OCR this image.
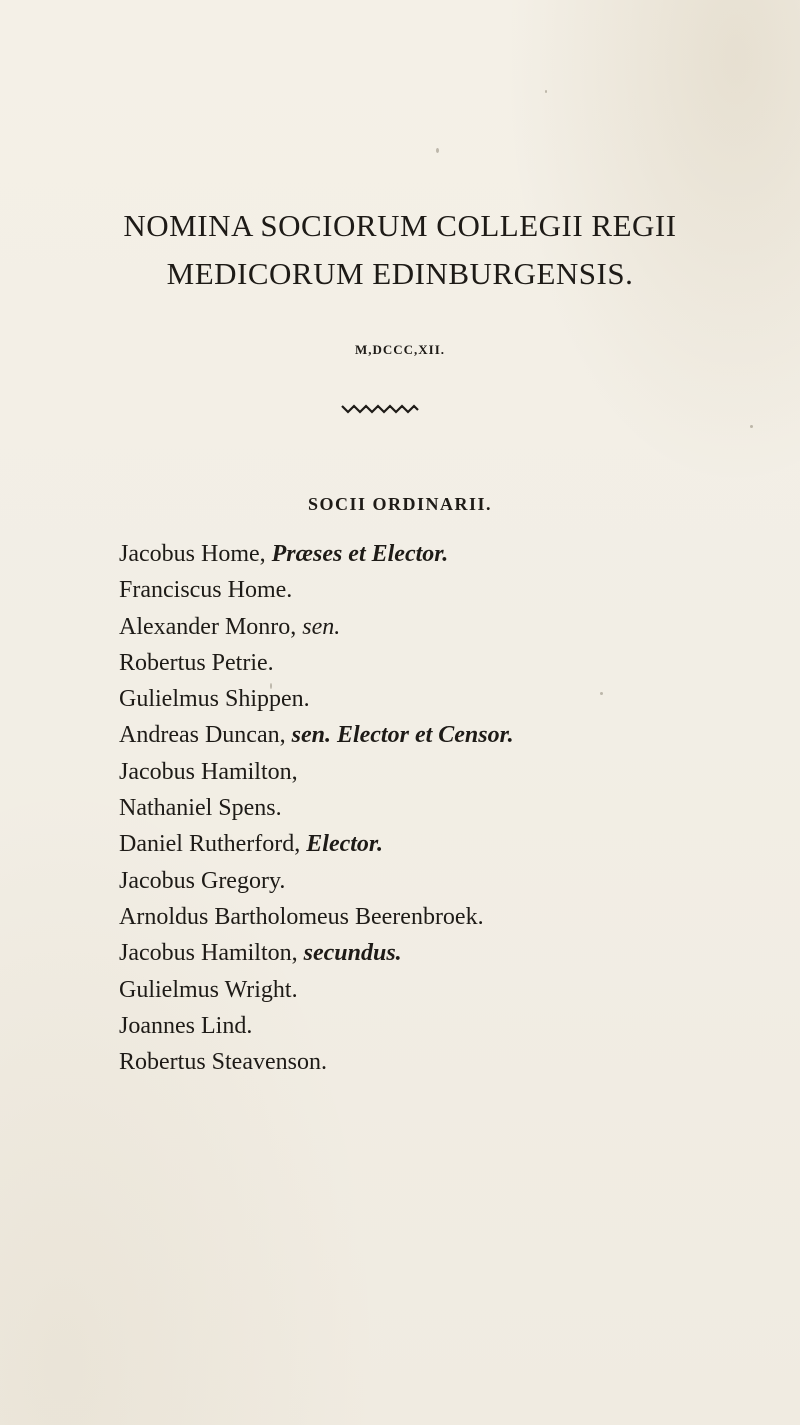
NOMINA SOCIORUM COLLEGII REGII
MEDICORUM EDINBURGENSIS.
M,DCCC,XII.
SOCII ORDINARII.
Jacobus Home, Præses et Elector.
Franciscus Home.
Alexander Monro, sen.
Robertus Petrie.
Gulielmus Shippen.
Andreas Duncan, sen. Elector et Censor.
Jacobus Hamilton,
Nathaniel Spens.
Daniel Rutherford, Elector.
Jacobus Gregory.
Arnoldus Bartholomeus Beerenbroek.
Jacobus Hamilton, secundus.
Gulielmus Wright.
Joannes Lind.
Robertus Steavenson.
